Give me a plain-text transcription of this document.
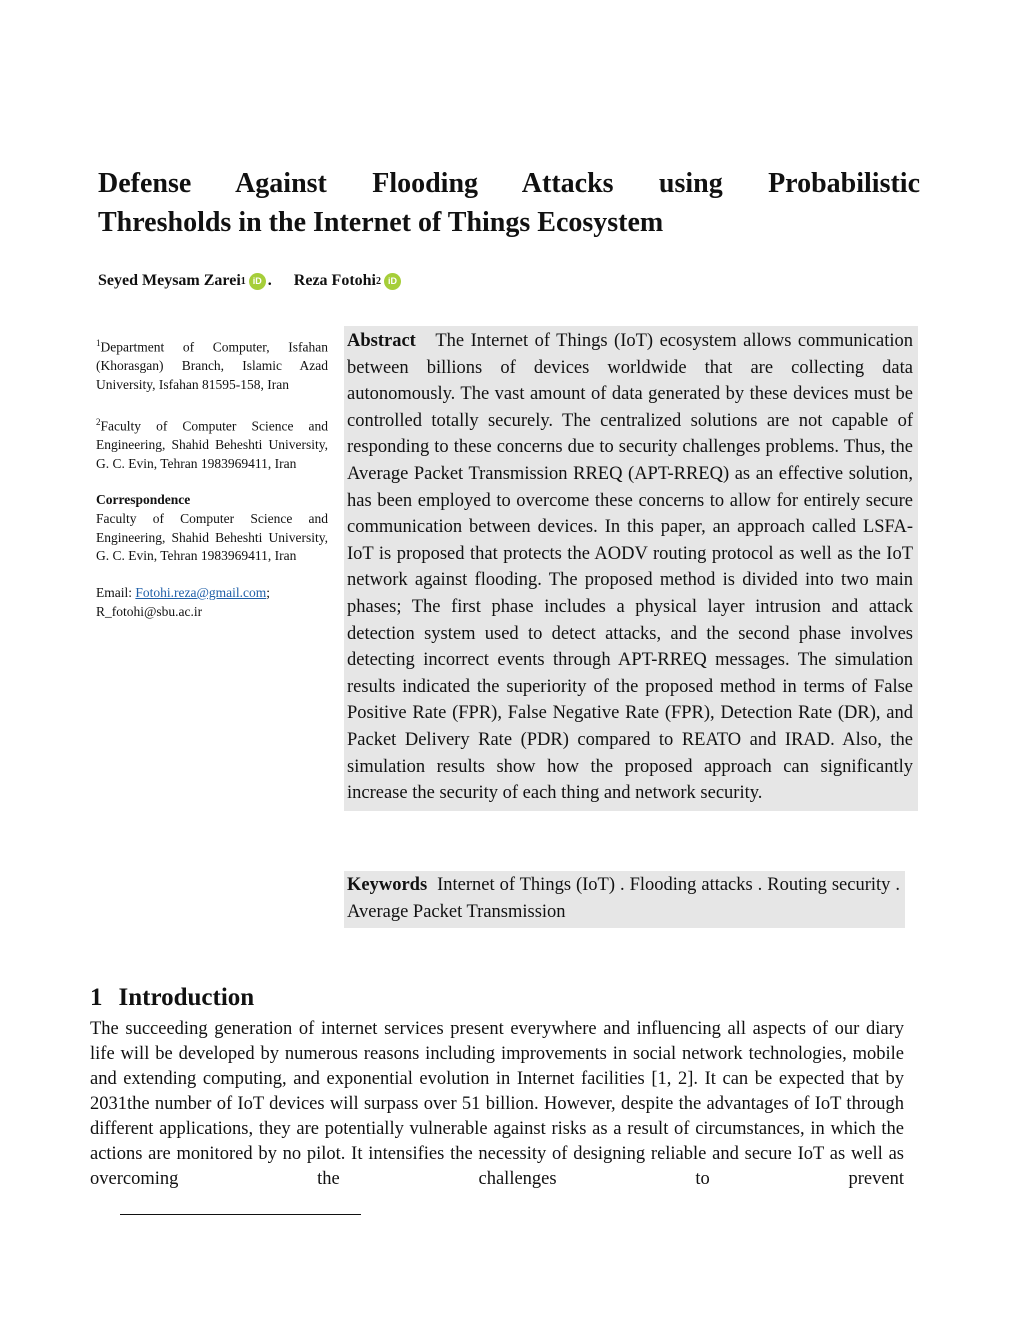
Defense Against Flooding Attacks using Probabilistic
Thresholds in the Internet of Things Ecosystem
Seyed Meysam Zarei 1 iD . Reza Fotohi 2 iD

$^1$Department of Computer, Isfahan (Khorasgan) Branch, Islamic Azad University, Isfahan 81595-158, Iran

$^2$Faculty of Computer Science and Engineering, Shahid Beheshti University, G. C. Evin, Tehran 1983969411, Iran

Correspondence
Faculty of Computer Science and Engineering, Shahid Beheshti University, G. C. Evin, Tehran 1983969411, Iran

Email: Fotohi.reza@gmail.com;
R_fotohi@sbu.ac.ir

Abstract The Internet of Things (IoT) ecosystem allows communication between billions of devices worldwide that are collecting data autonomously. The vast amount of data generated by these devices must be controlled totally securely. The centralized solutions are not capable of responding to these concerns due to security challenges problems. Thus, the Average Packet Transmission RREQ (APT-RREQ) as an effective solution, has been employed to overcome these concerns to allow for entirely secure communication between devices. In this paper, an approach called LSFA-IoT is proposed that protects the AODV routing protocol as well as the IoT network against flooding. The proposed method is divided into two main phases; The first phase includes a physical layer intrusion and attack detection system used to detect attacks, and the second phase involves detecting incorrect events through APT-RREQ messages. The simulation results indicated the superiority of the proposed method in terms of False Positive Rate (FPR), False Negative Rate (FPR), Detection Rate (DR), and Packet Delivery Rate (PDR) compared to REATO and IRAD. Also, the simulation results show how the proposed approach can significantly increase the security of each thing and network security.
Keywords Internet of Things (IoT) . Flooding attacks . Routing security . Average Packet Transmission
1 Introduction

The succeeding generation of internet services present everywhere and influencing all aspects of our diary life will be developed by numerous reasons including improvements in social network technologies, mobile and extending computing, and exponential evolution in Internet facilities [1, 2]. It can be expected that by 2031the number of IoT devices will surpass over 51 billion. However, despite the advantages of IoT through different applications, they are potentially vulnerable against risks as a result of circumstances, in which the actions are monitored by no pilot. It intensifies the necessity of designing reliable and secure IoT as well as overcoming the challenges to prevent
